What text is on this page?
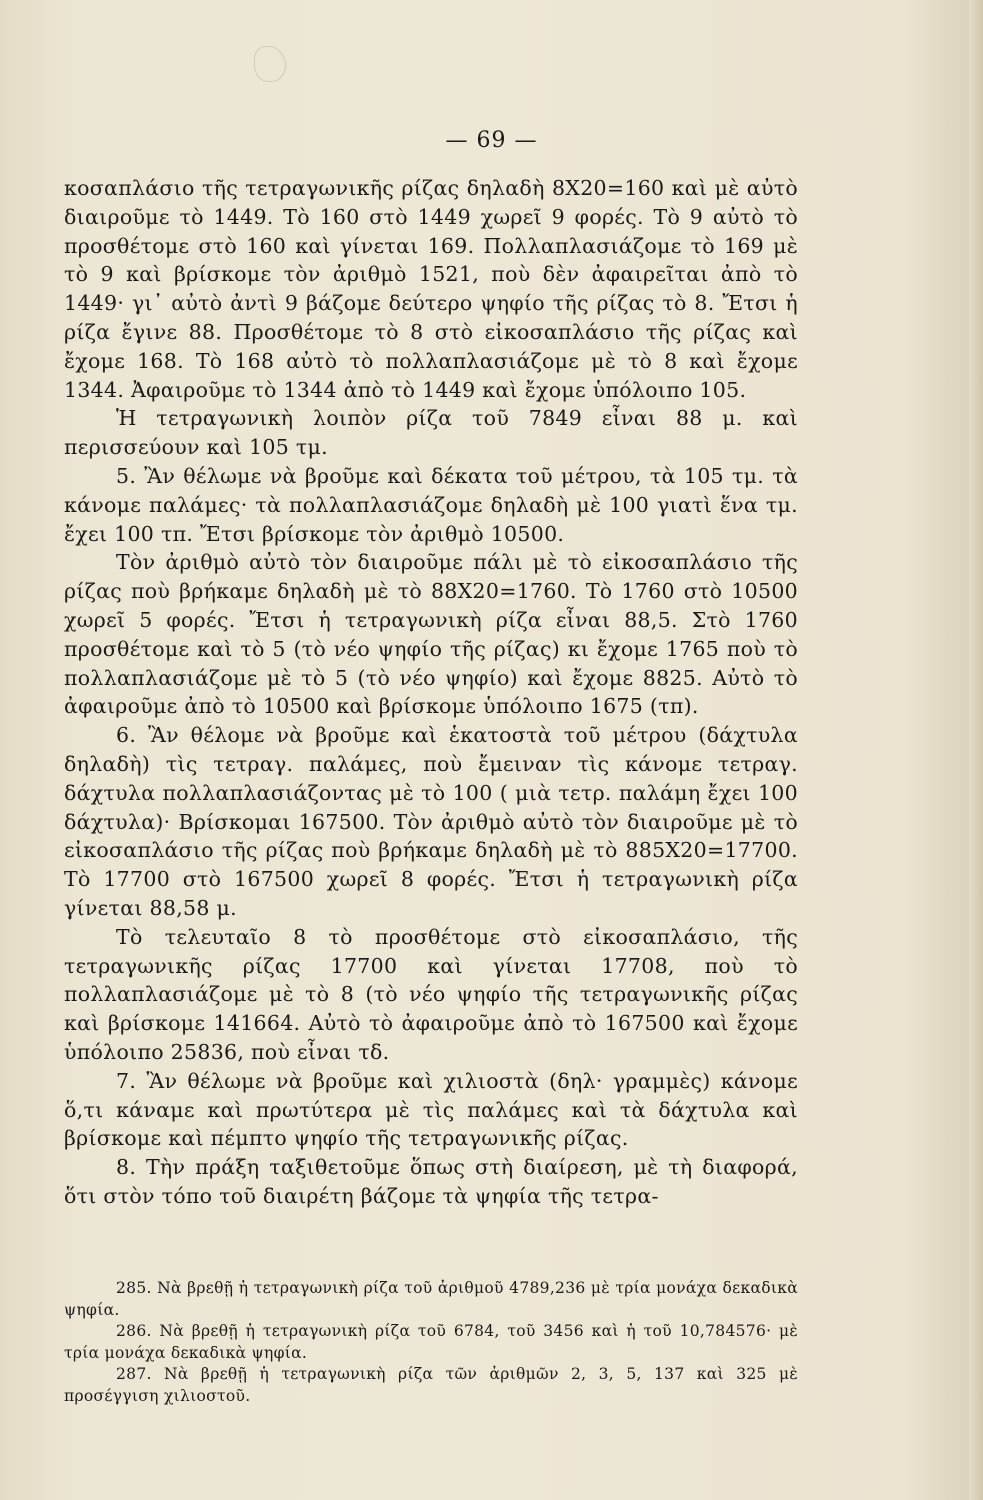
— 69 —

κοσαπλάσιο τῆς τετραγωνικῆς ρίζας δηλαδὴ 8Χ20=160 καὶ μὲ αὐτὸ διαιροῦμε τὸ 1449. Τὸ 160 στὸ 1449 χωρεῖ 9 φορές. Τὸ 9 αὐτὸ τὸ προσθέτομε στὸ 160 καὶ γίνεται 169. Πολλαπλασιάζομε τὸ 169 μὲ τὸ 9 καὶ βρίσκομε τὸν ἀριθμὸ 1521, ποὺ δὲν ἀφαιρεῖται ἀπὸ τὸ 1449· γι᾽ αὐτὸ ἀντὶ 9 βάζομε δεύτερο ψηφίο τῆς ρίζας τὸ 8. Ἔτσι ἡ ρίζα ἔγινε 88. Προσθέτομε τὸ 8 στὸ εἰκοσαπλάσιο τῆς ρίζας καὶ ἔχομε 168. Τὸ 168 αὐτὸ τὸ πολλαπλασιάζομε μὲ τὸ 8 καὶ ἔχομε 1344. Ἀφαιροῦμε τὸ 1344 ἀπὸ τὸ 1449 καὶ ἔχομε ὑπόλοιπο 105.

Ἡ τετραγωνικὴ λοιπὸν ρίζα τοῦ 7849 εἶναι 88 μ. καὶ περισσεύουν καὶ 105 τμ.

5. Ἂν θέλωμε νὰ βροῦμε καὶ δέκατα τοῦ μέτρου, τὰ 105 τμ. τὰ κάνομε παλάμες· τὰ πολλαπλασιάζομε δηλαδὴ μὲ 100 γιατὶ ἕνα τμ. ἔχει 100 τπ. Ἔτσι βρίσκομε τὸν ἀριθμὸ 10500.

Τὸν ἀριθμὸ αὐτὸ τὸν διαιροῦμε πάλι μὲ τὸ εἰκοσαπλάσιο τῆς ρίζας ποὺ βρήκαμε δηλαδὴ μὲ τὸ 88Χ20=1760. Τὸ 1760 στὸ 10500 χωρεῖ 5 φορές. Ἔτσι ἡ τετραγωνικὴ ρίζα εἶναι 88,5. Στὸ 1760 προσθέτομε καὶ τὸ 5 (τὸ νέο ψηφίο τῆς ρίζας) κι ἔχομε 1765 ποὺ τὸ πολλαπλασιάζομε μὲ τὸ 5 (τὸ νέο ψηφίο) καὶ ἔχομε 8825. Αὐτὸ τὸ ἀφαιροῦμε ἀπὸ τὸ 10500 καὶ βρίσκομε ὑπόλοιπο 1675 (τπ).

6. Ἂν θέλομε νὰ βροῦμε καὶ ἑκατοστὰ τοῦ μέτρου (δάχτυλα δηλαδὴ) τὶς τετραγ. παλάμες, ποὺ ἔμειναν τὶς κάνομε τετραγ. δάχτυλα πολλαπλασιάζοντας μὲ τὸ 100 ( μιὰ τετρ. παλάμη ἔχει 100 δάχτυλα)· Βρίσκομαι 167500. Τὸν ἀριθμὸ αὐτὸ τὸν διαιροῦμε μὲ τὸ εἰκοσαπλάσιο τῆς ρίζας ποὺ βρήκαμε δηλαδὴ μὲ τὸ 885Χ20=17700. Τὸ 17700 στὸ 167500 χωρεῖ 8 φορές. Ἔτσι ἡ τετραγωνικὴ ρίζα γίνεται 88,58 μ.

Τὸ τελευταῖο 8 τὸ προσθέτομε στὸ εἰκοσαπλάσιο, τῆς τετραγωνικῆς ρίζας 17700 καὶ γίνεται 17708, ποὺ τὸ πολλαπλασιάζομε μὲ τὸ 8 (τὸ νέο ψηφίο τῆς τετραγωνικῆς ρίζας καὶ βρίσκομε 141664. Αὐτὸ τὸ ἀφαιροῦμε ἀπὸ τὸ 167500 καὶ ἔχομε ὑπόλοιπο 25836, ποὺ εἶναι τδ.

7. Ἂν θέλωμε νὰ βροῦμε καὶ χιλιοστὰ (δηλ· γραμμὲς) κάνομε ὅ,τι κάναμε καὶ πρωτύτερα μὲ τὶς παλάμες καὶ τὰ δάχτυλα καὶ βρίσκομε καὶ πέμπτο ψηφίο τῆς τετραγωνικῆς ρίζας.

8. Τὴν πράξη ταξιθετοῦμε ὅπως στὴ διαίρεση, μὲ τὴ διαφορά, ὅτι στὸν τόπο τοῦ διαιρέτη βάζομε τὰ ψηφία τῆς τετρα-

285. Νὰ βρεθῇ ἡ τετραγωνικὴ ρίζα τοῦ ἀριθμοῦ 4789,236 μὲ τρία μονάχα δεκαδικὰ ψηφία.

286. Νὰ βρεθῇ ἡ τετραγωνικὴ ρίζα τοῦ 6784, τοῦ 3456 καὶ ἡ τοῦ 10,784576· μὲ τρία μονάχα δεκαδικὰ ψηφία.

287. Νὰ βρεθῇ ἡ τετραγωνικὴ ρίζα τῶν ἀριθμῶν 2, 3, 5, 137 καὶ 325 μὲ προσέγγιση χιλιοστοῦ.
